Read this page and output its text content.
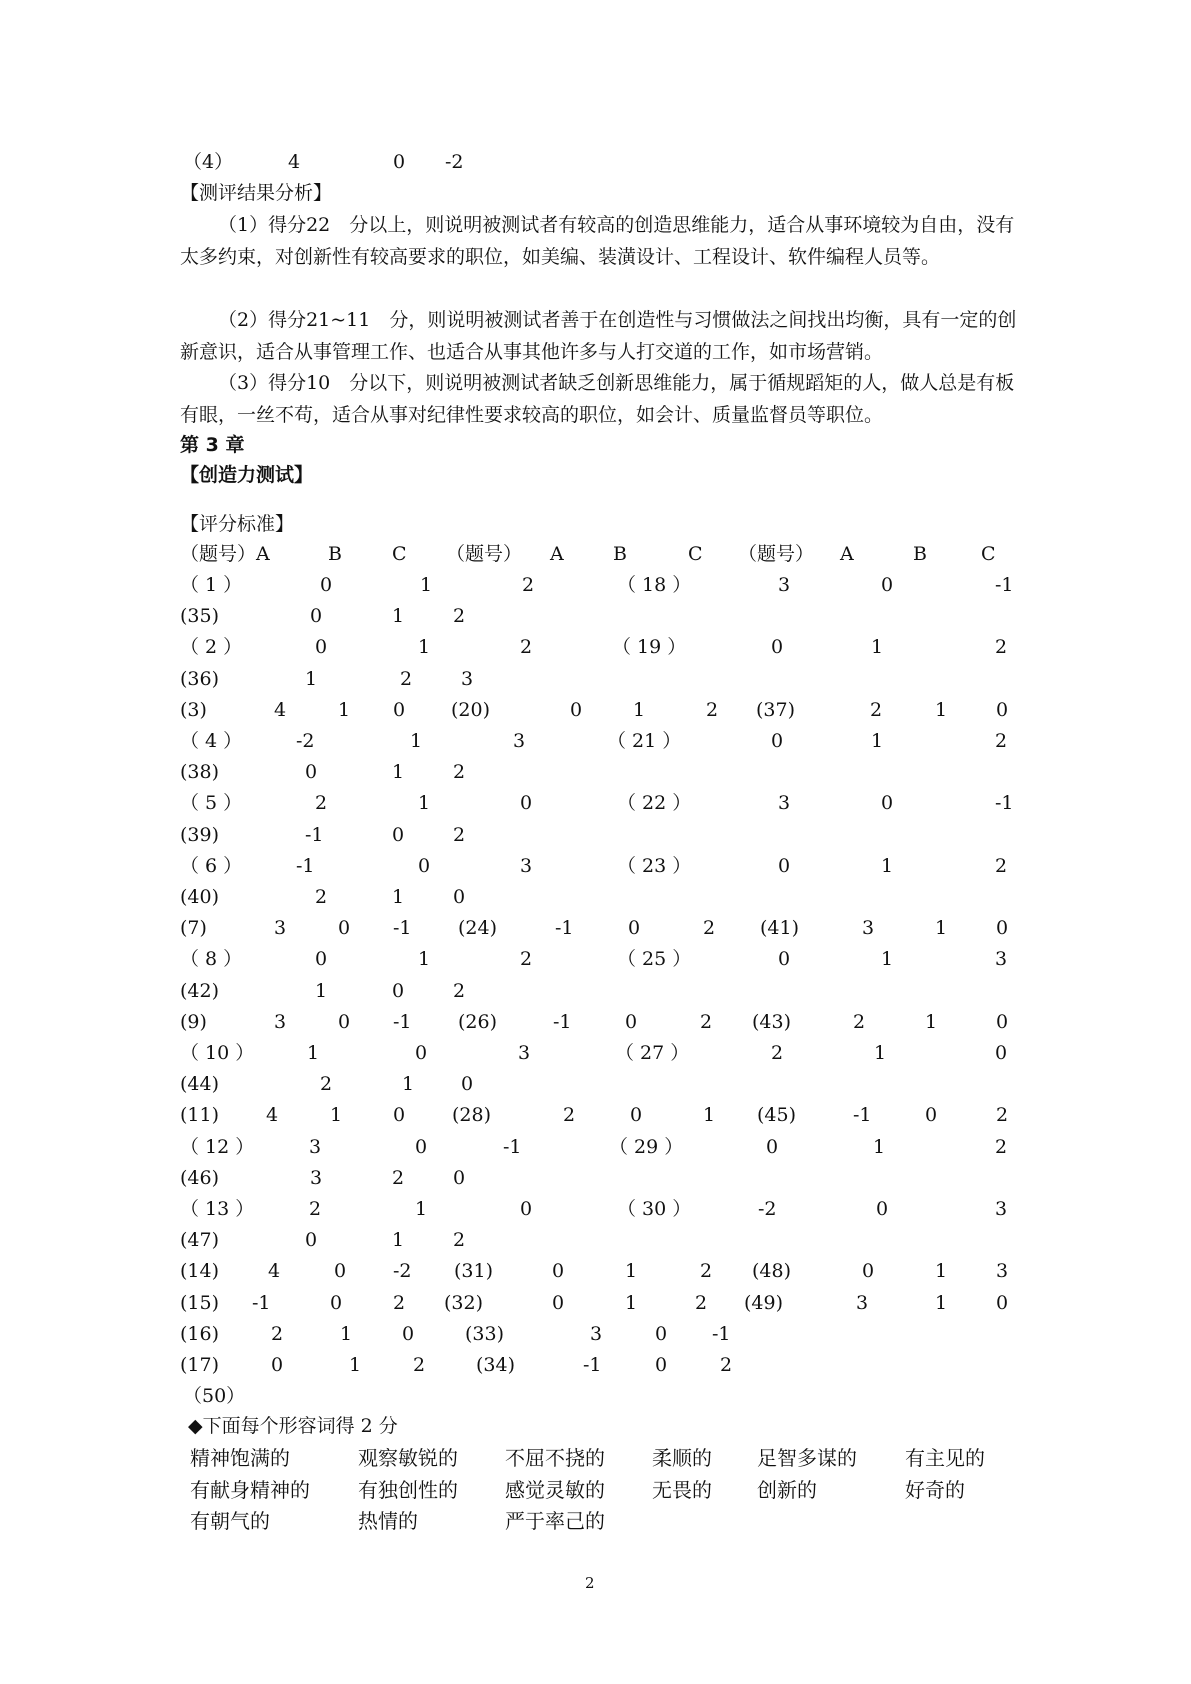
（4）	4	0 -2
【测评结果分析】
（1）得分22　分以上，则说明被测试者有较高的创造思维能力，适合从事环境较为自由，没有太多约束，对创新性有较高要求的职位，如美编、装潢设计、工程设计、软件编程人员等。
（2）得分21~11　分，则说明被测试者善于在创造性与习惯做法之间找出均衡，具有一定的创新意识，适合从事管理工作、也适合从事其他许多与人打交道的工作，如市场营销。
（3）得分10　分以下，则说明被测试者缺乏创新思维能力，属于循规蹈矩的人，做人总是有板有眼，一丝不苟，适合从事对纪律性要求较高的职位，如会计、质量监督员等职位。
第 3 章
【创造力测试】
【评分标准】
（题号）A	B	C （题号） A	B	C （题号） A	B	C
（ 1 ）	0	1	2	（ 18 ）	3	0	-1
(35)	0	1	2
（ 2 ）	0	1	2	（ 19 ）	0	1	2
(36)	1	2	3
(3)	4	1 0 (20)	0	1	2 (37)	2	1	0
（ 4 ）	-2	1	3	（ 21 ）	0	1	2
(38)	0	1	2
（ 5 ）	2	1	0	（ 22 ）	3	0	-1
(39)	-1	0	2
（ 6 ）	-1	0	3	（ 23 ）	0	1	2
(40)	2	1	0
(7)	3	0 -1 (24)	-1	0	2 (41)	3	1	0
（ 8 ）	0	1	2	（ 25 ）	0	1	3
(42)	1	0	2
(9)	3	0 -1 (26)	-1	0	2 (43)	2	1	0
（ 10 ）	1	0	3	（ 27 ）	2	1	0
(44)	2	1 0
(11) 4	1	0 (28)	2	0	1 (45)	-1	0	2
（ 12 ）	3	0	-1	（ 29 ）	0	1	2
(46)	3	2	0
（ 13 ）	2	1	0	（ 30 ）	-2	0	3
(47)	0	1	2
(14)	4	0 -2 (31)	0	1	2 (48)	0	1	3
(15) -1	0	2 (32)	0	1	2 (49)	3	1	0
(16)	2	1	0	(33)	3	0 -1
(17)	0	1	2	(34)	-1	0	2
（50）
◆下面每个形容词得 2 分
精神饱满的	观察敏锐的 不屈不挠的 柔顺的 足智多谋的 有主见的
有献身精神的 有独创性的 感觉灵敏的 无畏的 创新的	好奇的
有朝气的	热情的	严于率己的
2
